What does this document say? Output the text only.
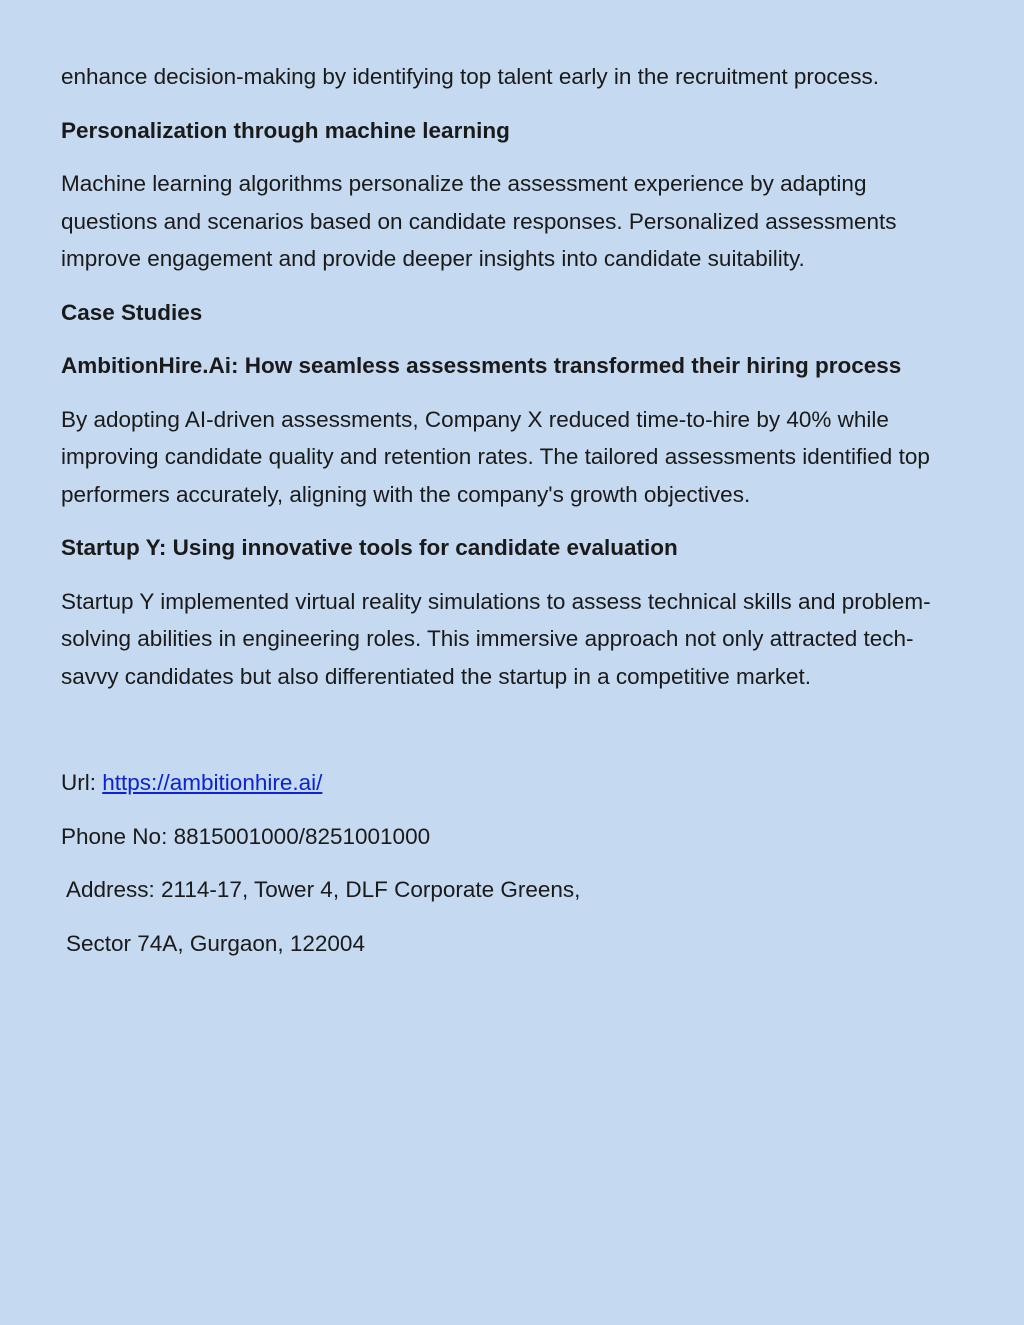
enhance decision-making by identifying top talent early in the recruitment process.

Personalization through machine learning

Machine learning algorithms personalize the assessment experience by adapting questions and scenarios based on candidate responses. Personalized assessments improve engagement and provide deeper insights into candidate suitability.

Case Studies

AmbitionHire.Ai: How seamless assessments transformed their hiring process

By adopting AI-driven assessments, Company X reduced time-to-hire by 40% while improving candidate quality and retention rates. The tailored assessments identified top performers accurately, aligning with the company's growth objectives.

Startup Y: Using innovative tools for candidate evaluation

Startup Y implemented virtual reality simulations to assess technical skills and problem-solving abilities in engineering roles. This immersive approach not only attracted tech-savvy candidates but also differentiated the startup in a competitive market.

Url: https://ambitionhire.ai/

Phone No: 8815001000/8251001000

Address: 2114-17, Tower 4, DLF Corporate Greens,

Sector 74A, Gurgaon, 122004
